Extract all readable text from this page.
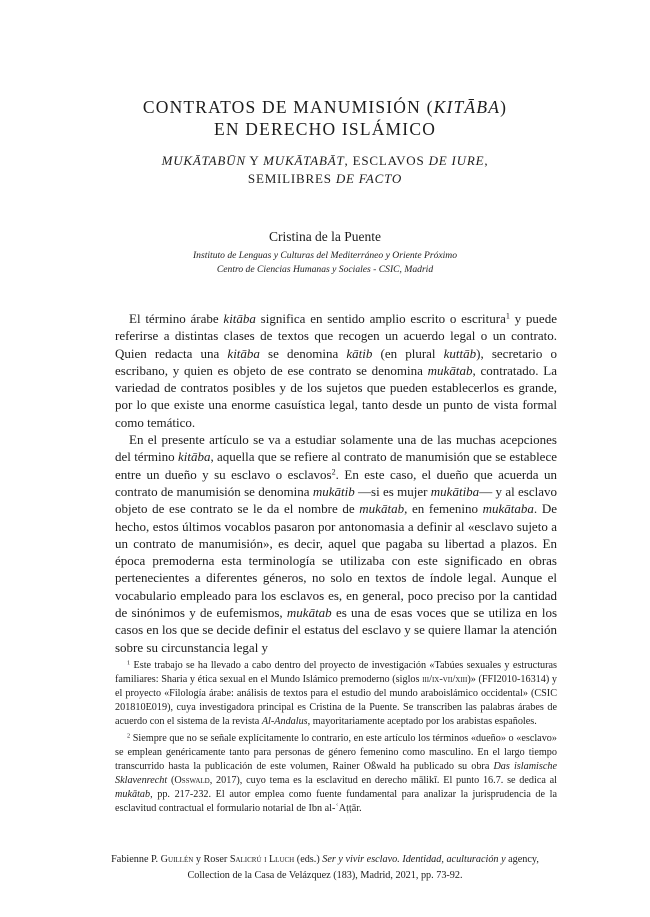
CONTRATOS DE MANUMISIÓN (KITĀBA)
EN DERECHO ISLÁMICO
MUKĀTABŪN Y MUKĀTABĀT, ESCLAVOS DE IURE,
SEMILIBRES DE FACTO
Cristina de la Puente
Instituto de Lenguas y Culturas del Mediterráneo y Oriente Próximo
Centro de Ciencias Humanas y Sociales - CSIC, Madrid

El término árabe kitāba significa en sentido amplio escrito o escritura$^1$ y puede referirse a distintas clases de textos que recogen un acuerdo legal o un contrato. Quien redacta una kitāba se denomina kātib (en plural kuttāb), secretario o escribano, y quien es objeto de ese contrato se denomina mukātab, contratado. La variedad de contratos posibles y de los sujetos que pueden establecerlos es grande, por lo que existe una enorme casuística legal, tanto desde un punto de vista formal como temático.

En el presente artículo se va a estudiar solamente una de las muchas acepciones del término kitāba, aquella que se refiere al contrato de manumisión que se establece entre un dueño y su esclavo o esclavos$^2$. En este caso, el dueño que acuerda un contrato de manumisión se denomina mukātib —si es mujer mukātiba— y al esclavo objeto de ese contrato se le da el nombre de mukātab, en femenino mukātaba. De hecho, estos últimos vocablos pasaron por antonomasia a definir al «esclavo sujeto a un contrato de manumisión», es decir, aquel que pagaba su libertad a plazos. En época premoderna esta terminología se utilizaba con este significado en obras pertenecientes a diferentes géneros, no solo en textos de índole legal. Aunque el vocabulario empleado para los esclavos es, en general, poco preciso por la cantidad de sinónimos y de eufemismos, mukātab es una de esas voces que se utiliza en los casos en los que se decide definir el estatus del esclavo y se quiere llamar la atención sobre su circunstancia legal y

$^1$ Este trabajo se ha llevado a cabo dentro del proyecto de investigación «Tabúes sexuales y estructuras familiares: Sharia y ética sexual en el Mundo Islámico premoderno (siglos iii/ix-vii/xiii)» (FFI2010-16314) y el proyecto «Filología árabe: análisis de textos para el estudio del mundo araboislámico occidental» (CSIC 201810E019), cuya investigadora principal es Cristina de la Puente. Se transcriben las palabras árabes de acuerdo con el sistema de la revista Al-Andalus, mayoritariamente aceptado por los arabistas españoles.

$^2$ Siempre que no se señale explícitamente lo contrario, en este artículo los términos «dueño» o «esclavo» se emplean genéricamente tanto para personas de género femenino como masculino. En el largo tiempo transcurrido hasta la publicación de este volumen, Rainer Oßwald ha publicado su obra Das islamische Sklavenrecht (Oßwald, 2017), cuyo tema es la esclavitud en derecho mālikī. El punto 16.7. se dedica al mukātab, pp. 217-232. El autor emplea como fuente fundamental para analizar la jurisprudencia de la esclavitud contractual el formulario notarial de Ibn al-ʿAṭṭār.

Fabienne P. Guillén y Roser Salicrú i Lluch (eds.) Ser y vivir esclavo. Identidad, aculturación y agency,
Collection de la Casa de Velázquez (183), Madrid, 2021, pp. 73-92.
